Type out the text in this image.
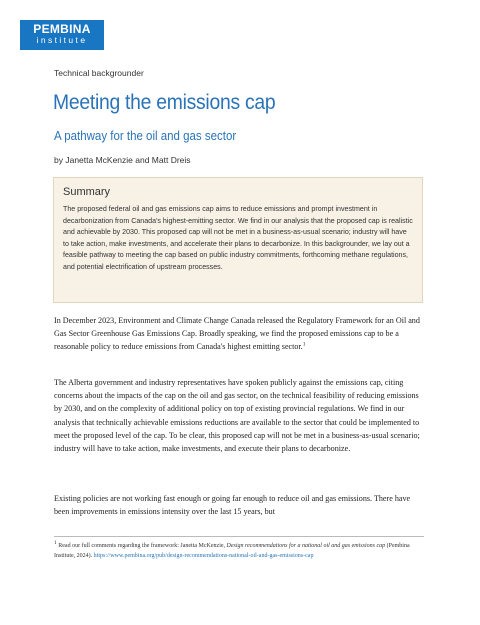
PEMBINA
institute
Technical backgrounder
Meeting the emissions cap
A pathway for the oil and gas sector
by Janetta McKenzie and Matt Dreis
Summary

The proposed federal oil and gas emissions cap aims to reduce emissions and prompt investment in decarbonization from Canada's highest-emitting sector. We find in our analysis that the proposed cap is realistic and achievable by 2030. This proposed cap will not be met in a business-as-usual scenario; industry will have to take action, make investments, and accelerate their plans to decarbonize. In this backgrounder, we lay out a feasible pathway to meeting the cap based on public industry commitments, forthcoming methane regulations, and potential electrification of upstream processes.

In December 2023, Environment and Climate Change Canada released the Regulatory Framework for an Oil and Gas Sector Greenhouse Gas Emissions Cap. Broadly speaking, we find the proposed emissions cap to be a reasonable policy to reduce emissions from Canada's highest emitting sector.$^1$

The Alberta government and industry representatives have spoken publicly against the emissions cap, citing concerns about the impacts of the cap on the oil and gas sector, on the technical feasibility of reducing emissions by 2030, and on the complexity of additional policy on top of existing provincial regulations. We find in our analysis that technically achievable emissions reductions are available to the sector that could be implemented to meet the proposed level of the cap. To be clear, this proposed cap will not be met in a business-as-usual scenario; industry will have to take action, make investments, and execute their plans to decarbonize.

Existing policies are not working fast enough or going far enough to reduce oil and gas emissions. There have been improvements in emissions intensity over the last 15 years, but

$^1$ Read our full comments regarding the framework: Janetta McKenzie, Design recommendations for a national oil and gas emissions cap (Pembina Institute, 2024). https://www.pembina.org/pub/design-recommendations-national-oil-and-gas-emissions-cap
